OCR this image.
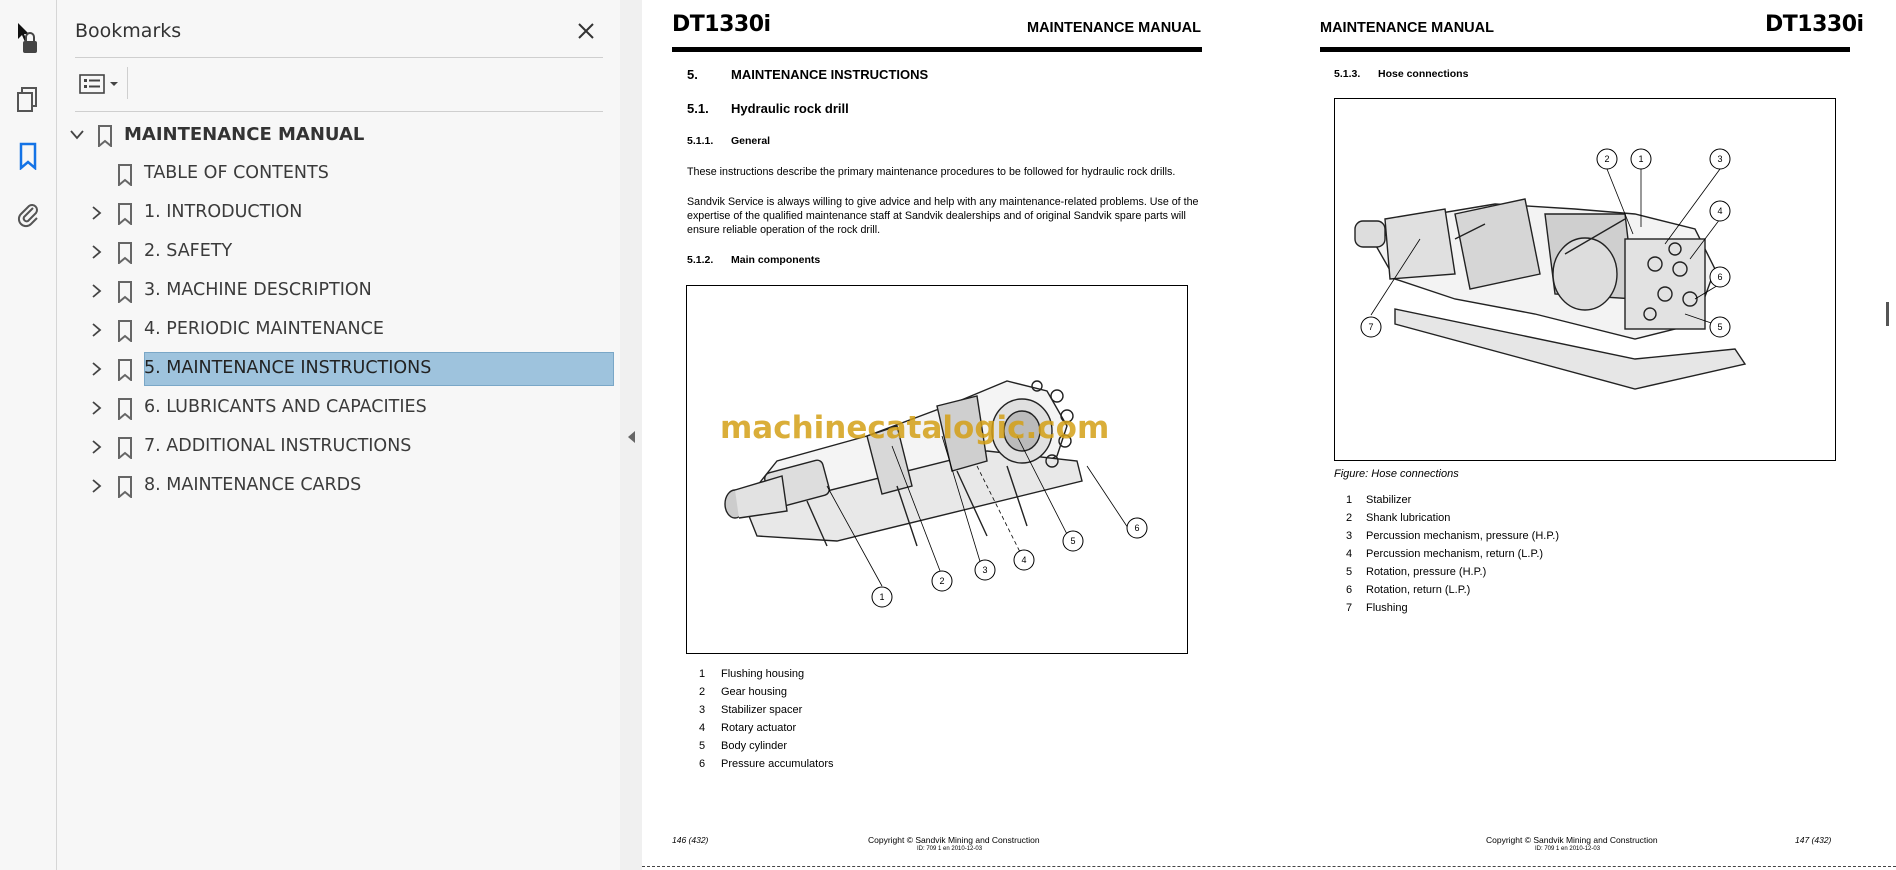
Bookmarks
MAINTENANCE MANUAL
TABLE OF CONTENTS
1. INTRODUCTION
2. SAFETY
3. MACHINE DESCRIPTION
4. PERIODIC MAINTENANCE
5. MAINTENANCE INSTRUCTIONS
6. LUBRICANTS AND CAPACITIES
7. ADDITIONAL INSTRUCTIONS
8. MAINTENANCE CARDS
DT1330i	MAINTENANCE MANUAL
5.	MAINTENANCE INSTRUCTIONS
5.1. Hydraulic rock drill
5.1.1. General
These instructions describe the primary maintenance procedures to be followed for hydraulic rock drills.
Sandvik Service is always willing to give advice and help with any maintenance-related problems. Use of the expertise of the qualified maintenance staff at Sandvik dealerships and of original Sandvik spare parts will ensure reliable operation of the rock drill.
5.1.2. Main components
1
2
3
4
5
6
machinecatalogic.com
1 Flushing housing
2 Gear housing
3 Stabilizer spacer
4 Rotary actuator
5 Body cylinder
6 Pressure accumulators
146 (432)	Copyright © Sandvik Mining and Construction
ID: 709 1 en 2010-12-03
MAINTENANCE MANUAL	DT1330i
5.1.3. Hose connections
2	1	3
4
6
5
7
Figure: Hose connections
1 Stabilizer
2 Shank lubrication
3 Percussion mechanism, pressure (H.P.)
4 Percussion mechanism, return (L.P.)
5 Rotation, pressure (H.P.)
6 Rotation, return (L.P.)
7 Flushing
Copyright © Sandvik Mining and Construction
ID: 709 1 en 2010-12-03
147 (432)
